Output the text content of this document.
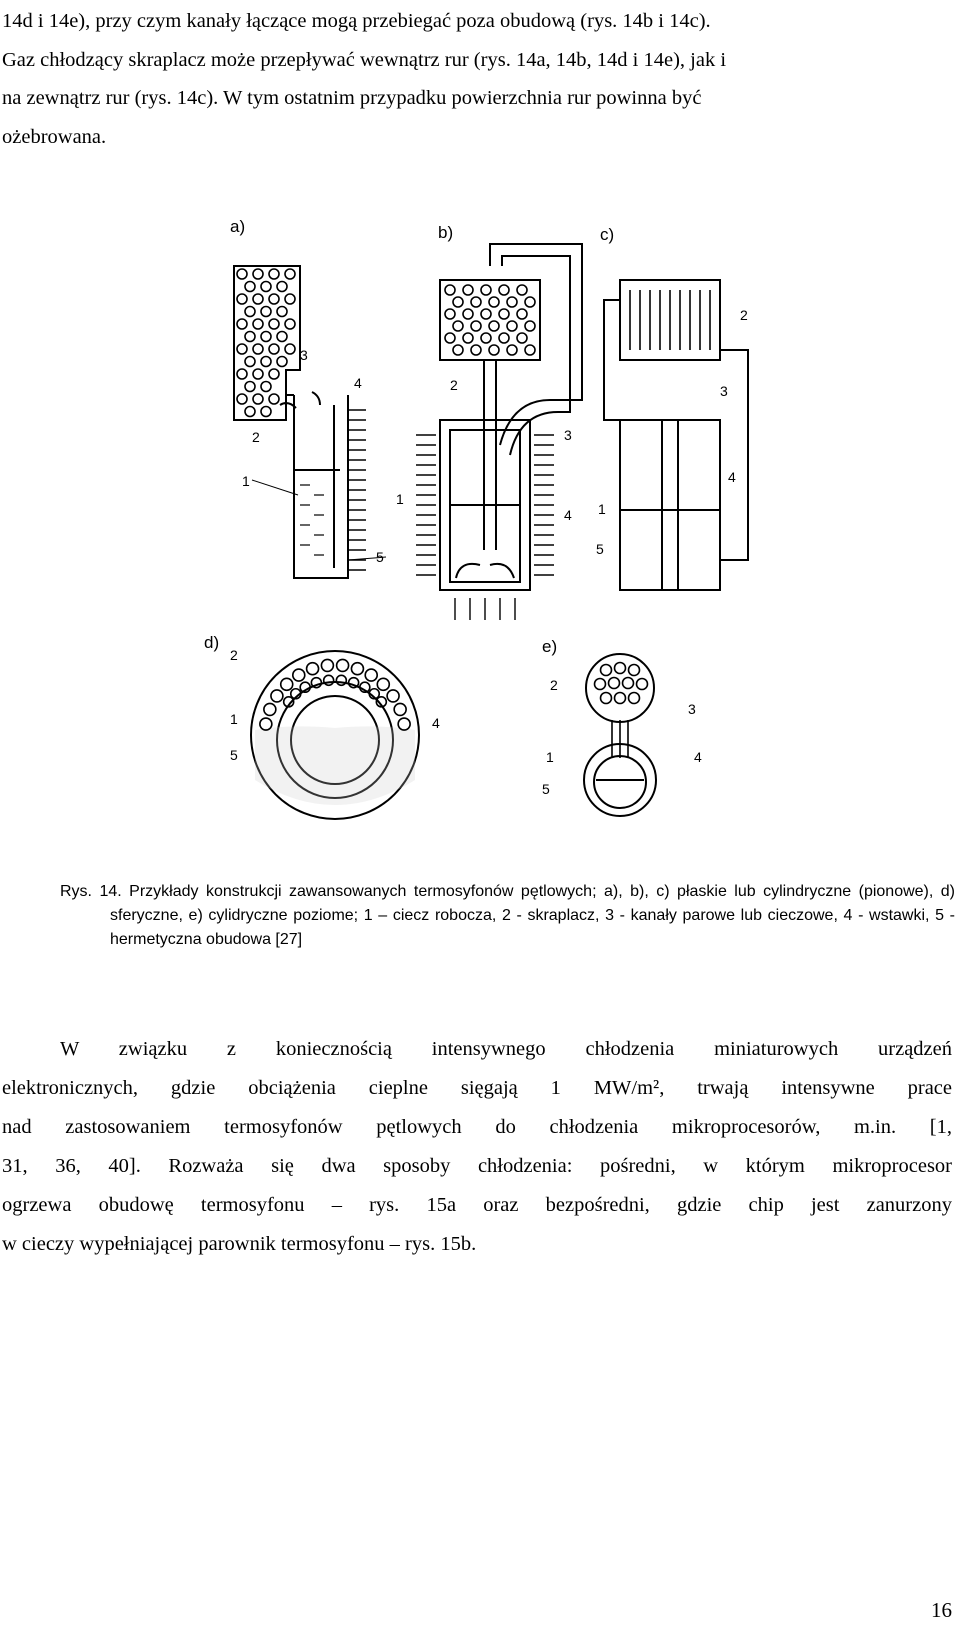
14d i 14e), przy czym kanały łączące mogą przebiegać poza obudową (rys. 14b i 14c).
Gaz chłodzący skraplacz może przepływać wewnątrz rur (rys. 14a, 14b, 14d i 14e), jak i
na zewnątrz rur (rys. 14c). W tym ostatnim przypadku powierzchnia rur powinna być
ożebrowana.
a)	b)	c)
d)	e)
3
4
2
1
5
2
3
1
4
2
3
4
1
5
2
1
5
4
2
3
1	4
5
Rys. 14. Przykłady konstrukcji zawansowanych termosyfonów pętlowych; a), b), c) płaskie lub cylindryczne (pionowe), d) sferyczne, e) cylidryczne poziome; 1 – ciecz robocza, 2 - skraplacz, 3 - kanały parowe lub cieczowe, 4 - wstawki, 5 - hermetyczna obudowa [27]
W związku z koniecznością intensywnego chłodzenia miniaturowych urządzeń
elektronicznych, gdzie obciążenia cieplne sięgają 1 MW/m², trwają intensywne prace
nad zastosowaniem termosyfonów pętlowych do chłodzenia mikroprocesorów, m.in. [1,
31, 36, 40]. Rozważa się dwa sposoby chłodzenia: pośredni, w którym mikroprocesor
ogrzewa obudowę termosyfonu – rys. 15a oraz bezpośredni, gdzie chip jest zanurzony
w cieczy wypełniającej parownik termosyfonu – rys. 15b.
16
